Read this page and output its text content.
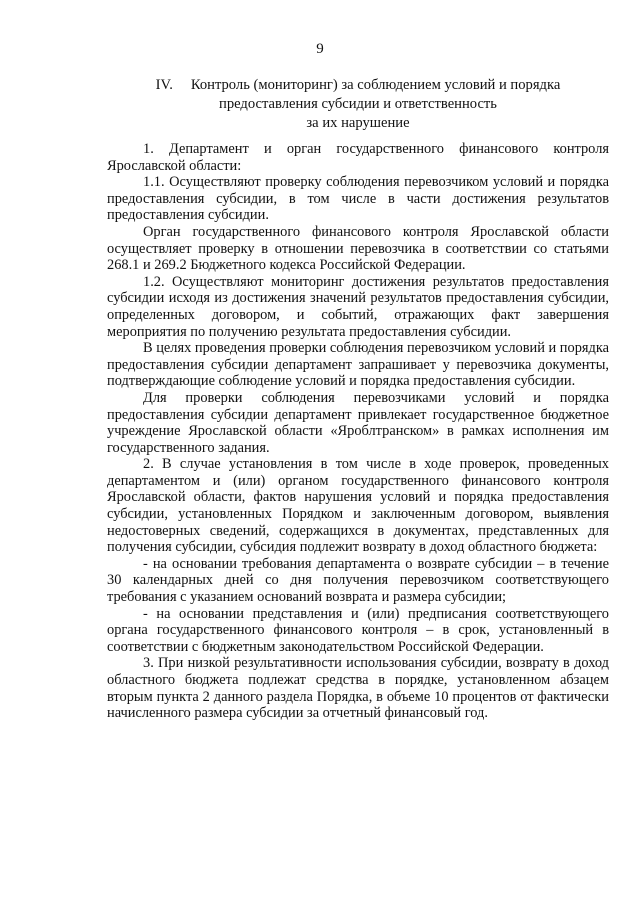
9
IV. Контроль (мониторинг) за соблюдением условий и порядка
предоставления субсидии и ответственность
за их нарушение

1. Департамент и орган государственного финансового контроля Ярославской области:

1.1. Осуществляют проверку соблюдения перевозчиком условий и порядка предоставления субсидии, в том числе в части достижения результатов предоставления субсидии.

Орган государственного финансового контроля Ярославской области осуществляет проверку в отношении перевозчика в соответствии со статьями 268.1 и 269.2 Бюджетного кодекса Российской Федерации.

1.2. Осуществляют мониторинг достижения результатов предоставления субсидии исходя из достижения значений результатов предоставления субсидии, определенных договором, и событий, отражающих факт завершения мероприятия по получению результата предоставления субсидии.

В целях проведения проверки соблюдения перевозчиком условий и порядка предоставления субсидии департамент запрашивает у перевозчика документы, подтверждающие соблюдение условий и порядка предоставления субсидии.

Для проверки соблюдения перевозчиками условий и порядка предоставления субсидии департамент привлекает государственное бюджетное учреждение Ярославской области «Яроблтранском» в рамках исполнения им государственного задания.

2. В случае установления в том числе в ходе проверок, проведенных департаментом и (или) органом государственного финансового контроля Ярославской области, фактов нарушения условий и порядка предоставления субсидии, установленных Порядком и заключенным договором, выявления недостоверных сведений, содержащихся в документах, представленных для получения субсидии, субсидия подлежит возврату в доход областного бюджета:

- на основании требования департамента о возврате субсидии – в течение 30 календарных дней со дня получения перевозчиком соответствующего требования с указанием оснований возврата и размера субсидии;

- на основании представления и (или) предписания соответствующего органа государственного финансового контроля – в срок, установленный в соответствии с бюджетным законодательством Российской Федерации.

3. При низкой результативности использования субсидии, возврату в доход областного бюджета подлежат средства в порядке, установленном абзацем вторым пункта 2 данного раздела Порядка, в объеме 10 процентов от фактически начисленного размера субсидии за отчетный финансовый год.
